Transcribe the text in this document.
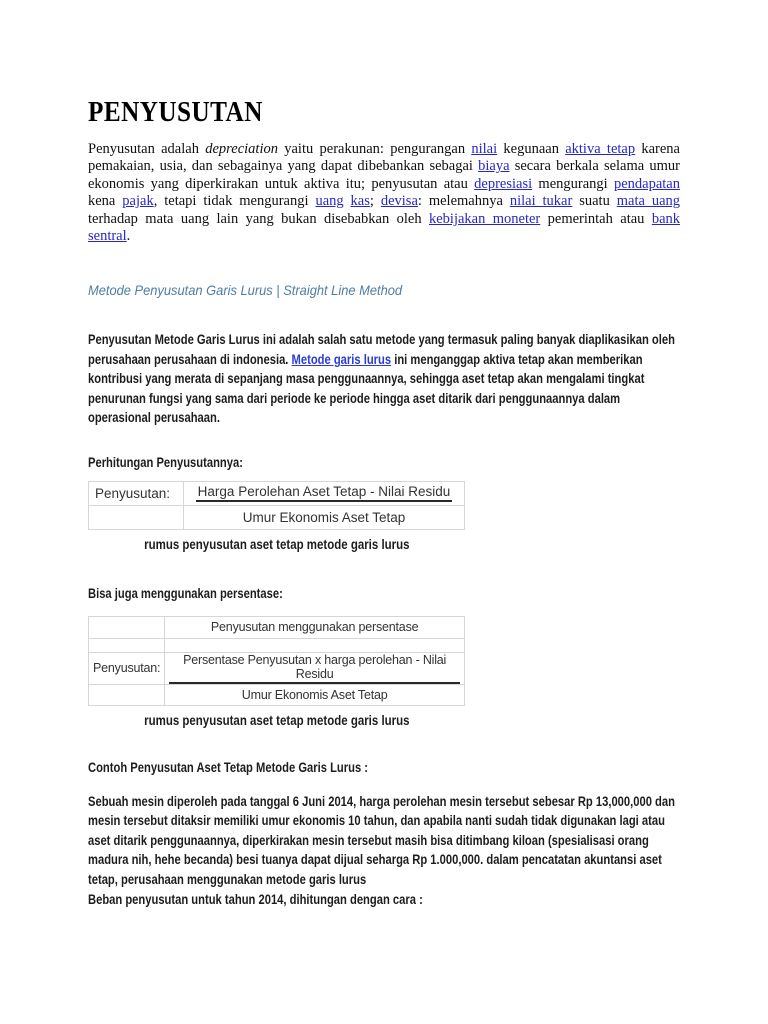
PENYUSUTAN

Penyusutan adalah depreciation yaitu perakunan: pengurangan nilai kegunaan aktiva tetap karena pemakaian, usia, dan sebagainya yang dapat dibebankan sebagai biaya secara berkala selama umur ekonomis yang diperkirakan untuk aktiva itu; penyusutan atau depresiasi mengurangi pendapatan kena pajak, tetapi tidak mengurangi uang kas; devisa: melemahnya nilai tukar suatu mata uang terhadap mata uang lain yang bukan disebabkan oleh kebijakan moneter pemerintah atau bank sentral.

Metode Penyusutan Garis Lurus | Straight Line Method

Penyusutan Metode Garis Lurus ini adalah salah satu metode yang termasuk paling banyak diaplikasikan oleh perusahaan perusahaan di indonesia. Metode garis lurus ini menganggap aktiva tetap akan memberikan kontribusi yang merata di sepanjang masa penggunaannya, sehingga aset tetap akan mengalami tingkat penurunan fungsi yang sama dari periode ke periode hingga aset ditarik dari penggunaannya dalam operasional perusahaan.

Perhitungan Penyusutannya:
Penyusutan:	Harga Perolehan Aset Tetap - Nilai Residu
	Umur Ekonomis Aset Tetap
rumus penyusutan aset tetap metode garis lurus
Bisa juga menggunakan persentase:
	Penyusutan menggunakan persentase

Penyusutan:	Persentase Penyusutan x harga perolehan - Nilai Residu
	Umur Ekonomis Aset Tetap
rumus penyusutan aset tetap metode garis lurus
Contoh Penyusutan Aset Tetap Metode Garis Lurus :

Sebuah mesin diperoleh pada tanggal 6 Juni 2014, harga perolehan mesin tersebut sebesar Rp 13,000,000 dan mesin tersebut ditaksir memiliki umur ekonomis 10 tahun, dan apabila nanti sudah tidak digunakan lagi atau aset ditarik penggunaannya, diperkirakan mesin tersebut masih bisa ditimbang kiloan (spesialisasi orang madura nih, hehe becanda) besi tuanya dapat dijual seharga Rp 1.000,000. dalam pencatatan akuntansi aset tetap, perusahaan menggunakan metode garis lurus

Beban penyusutan untuk tahun 2014, dihitungan dengan cara :
